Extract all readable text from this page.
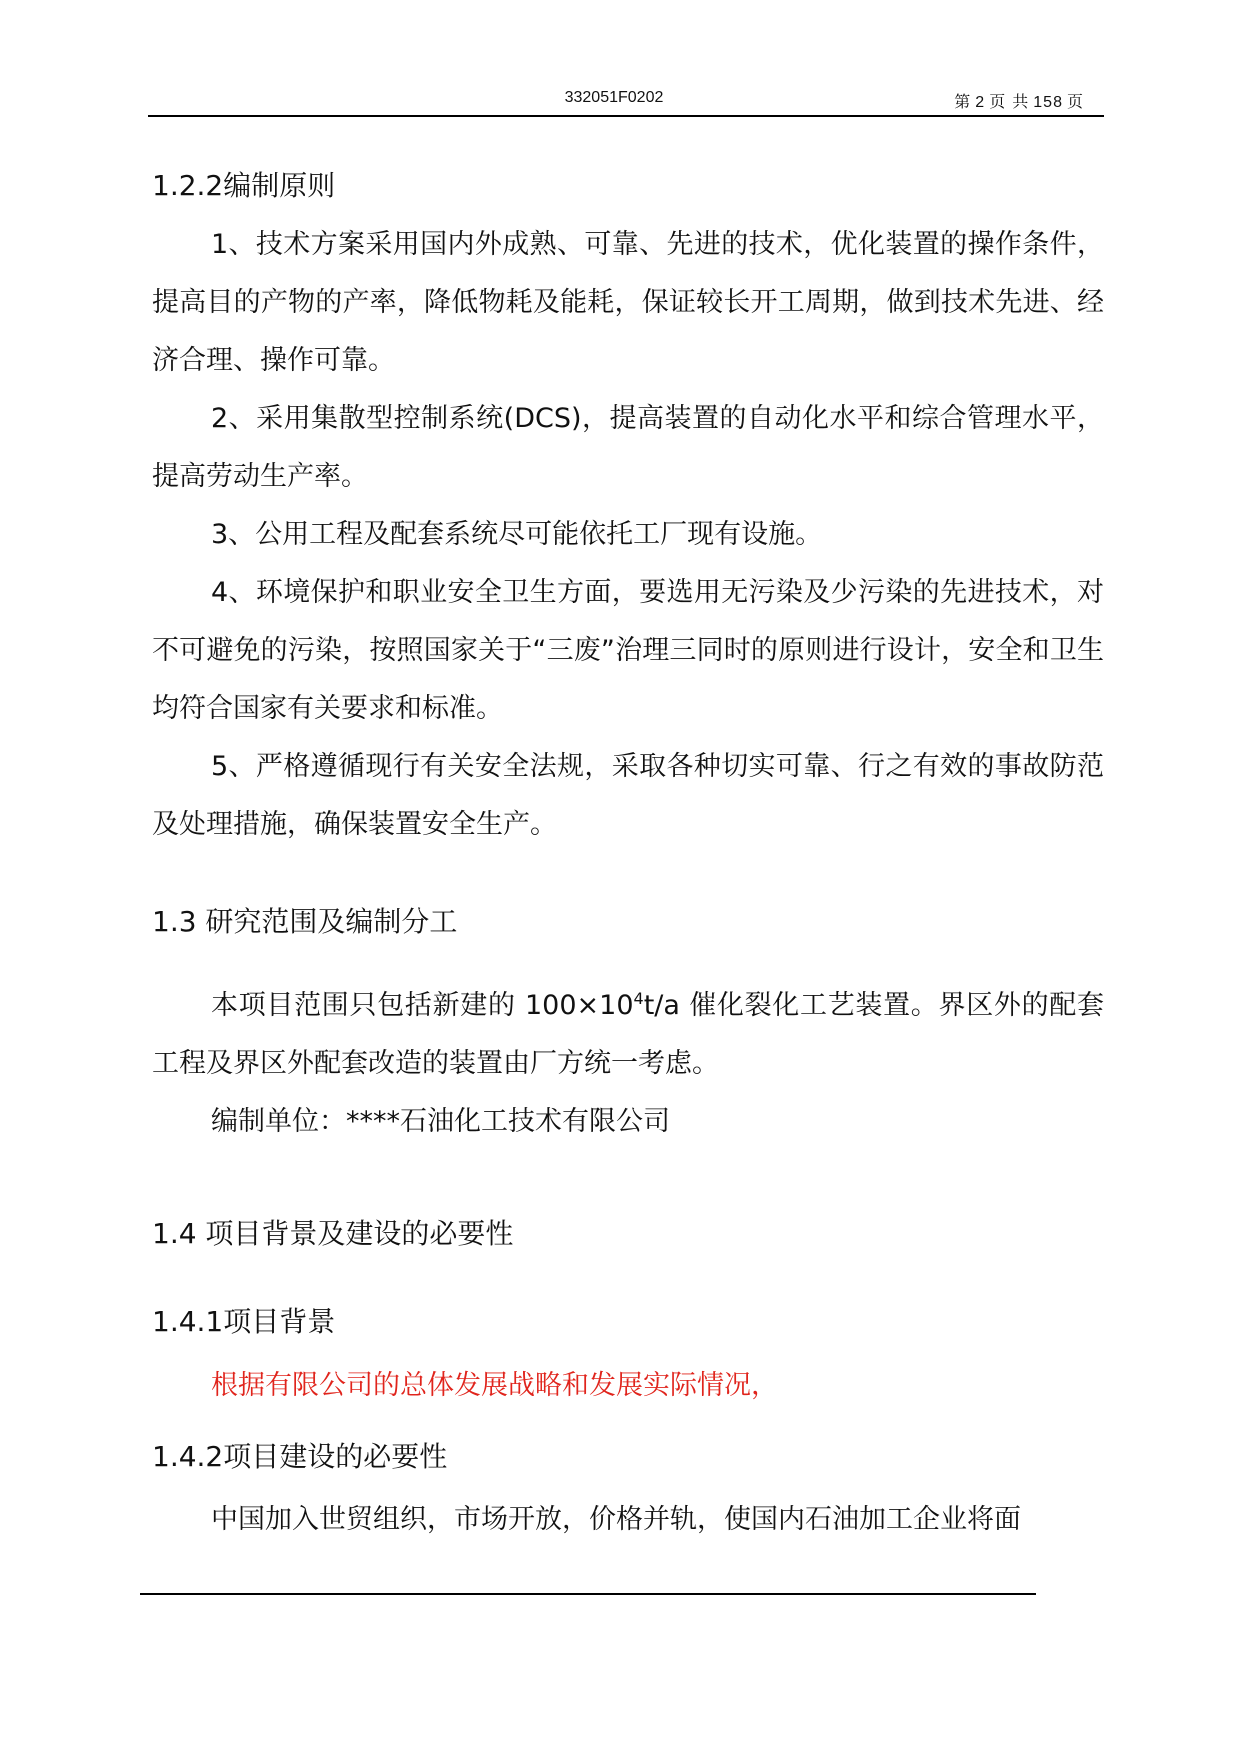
332051F0202	第 2 页 共 158 页
1.2.2编制原则

1、技术方案采用国内外成熟、可靠、先进的技术，优化装置的操作条件，提高目的产物的产率，降低物耗及能耗，保证较长开工周期，做到技术先进、经济合理、操作可靠。

2、采用集散型控制系统(DCS)，提高装置的自动化水平和综合管理水平，提高劳动生产率。

3、公用工程及配套系统尽可能依托工厂现有设施。

4、环境保护和职业安全卫生方面，要选用无污染及少污染的先进技术，对不可避免的污染，按照国家关于“三废”治理三同时的原则进行设计，安全和卫生均符合国家有关要求和标准。

5、严格遵循现行有关安全法规，采取各种切实可靠、行之有效的事故防范及处理措施，确保装置安全生产。

1.3 研究范围及编制分工

本项目范围只包括新建的 $100\times 10^4t/a$ 催化裂化工艺装置。界区外的配套工程及界区外配套改造的装置由厂方统一考虑。

编制单位：****石油化工技术有限公司

1.4 项目背景及建设的必要性
1.4.1项目背景

根据有限公司的总体发展战略和发展实际情况，

1.4.2项目建设的必要性

中国加入世贸组织，市场开放，价格并轨，使国内石油加工企业将面
